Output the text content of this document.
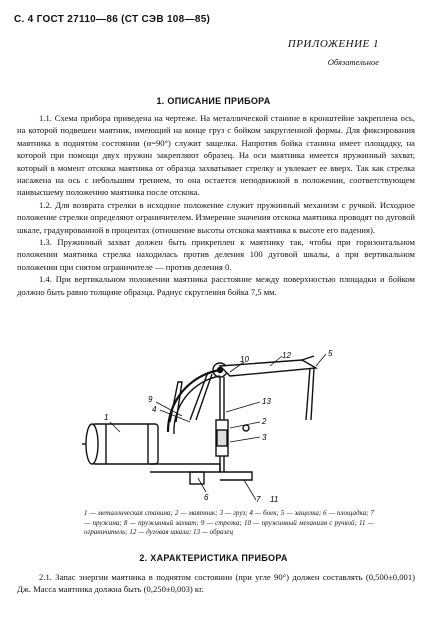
С. 4 ГОСТ 27110—86 (СТ СЭВ 108—85)
ПРИЛОЖЕНИЕ 1
Обязательное
1. ОПИСАНИЕ ПРИБОРА

1.1. Схема прибора приведена на чертеже. На металлической станине в кронштейне закреплена ось, на которой подвешен маятник, имеющий на конце груз с бойком закругленной формы. Для фиксирования маятника в поднятом состоянии (α=90°) служит защелка. Напротив бойка станина имеет площадку, на которой при помощи двух пружин закрепляют образец. На оси маятника имеется пружинный захват, который в момент отскока маятника от образца захватывает стрелку и увлекает ее вверх. Так как стрелка насажена на ось с небольшим трением, то она остается неподвижной в положении, соответствующем наивысшему положению маятника после отскока.

1.2. Для возврата стрелки в исходное положение служит пружинный механизм с ручкой. Исходное положение стрелки определяют ограничителем. Измерение значения отскока маятника проводят по дуговой шкале, градуированной в процентах (отношение высоты отскока маятника к высоте его падения).

1.3. Пружинный захват должен быть прикреплен к маятнику так, чтобы при горизонтальном положении маятника стрелка находилась против деления 100 дуговой шкалы, а при вертикальном положении при снятом ограничителе — против деления 0.

1.4. При вертикальном положении маятника расстояние между поверхностью площадки и бойком должно быть равно толщине образца. Радиус скругления бойка 7,5 мм.

10	12	5
9
4
13
2
3
1
6	7 11

1 — металлическая станина; 2 — маятник; 3 — груз; 4 — боек; 5 — защелка; 6 — площадка; 7 — пружина; 8 — пружинный захват; 9 — стрелка; 10 — пружинный механизм с ручкой; 11 — ограничитель; 12 — дуговая шкала; 13 — образец

2. ХАРАКТЕРИСТИКА ПРИБОРА

2.1. Запас энергии маятника в поднятом состоянии (при угле 90°) должен составлять (0,500±0,001) Дж. Масса маятника должна быть (0,250±0,003) кг.
